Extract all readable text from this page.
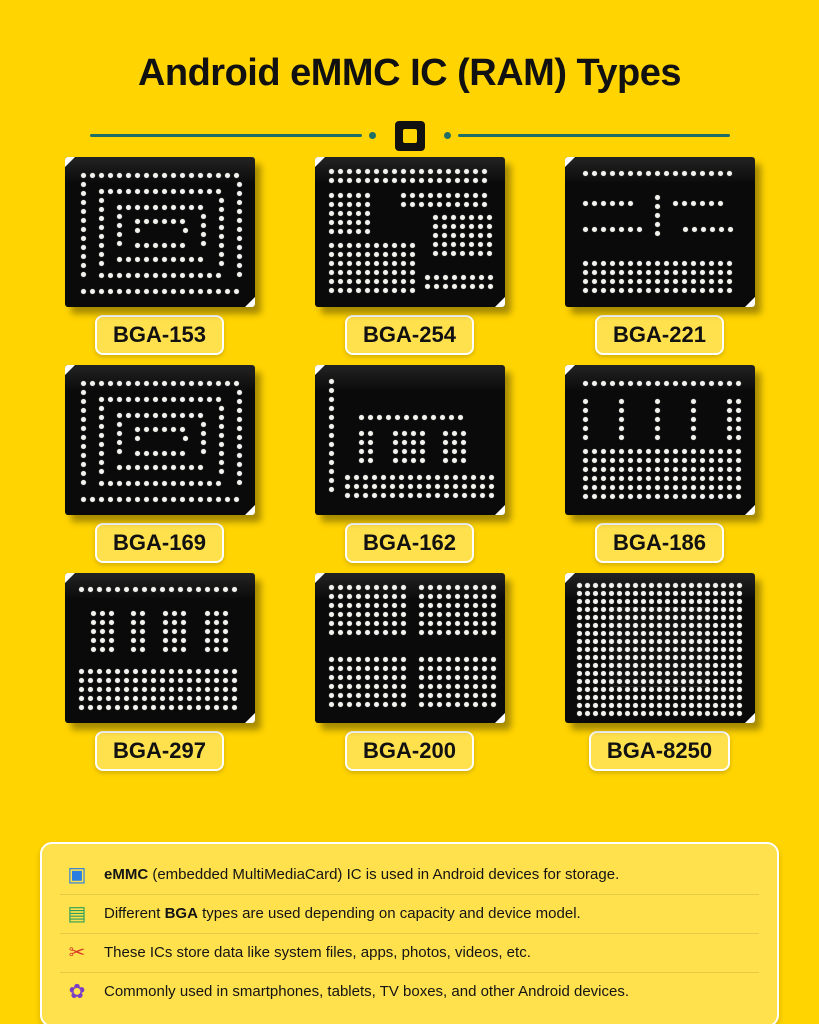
Android eMMC IC (RAM) Types
BGA-153	BGA-254	BGA-221
BGA-169	BGA-162	BGA-186
BGA-297	BGA-200	BGA-8250
▣ eMMC (embedded MultiMediaCard) IC is used in Android devices for storage.
▤ Different BGA types are used depending on capacity and device model.
✂	These ICs store data like system files, apps, photos, videos, etc.
✿	Commonly used in smartphones, tablets, TV boxes, and other Android devices.
